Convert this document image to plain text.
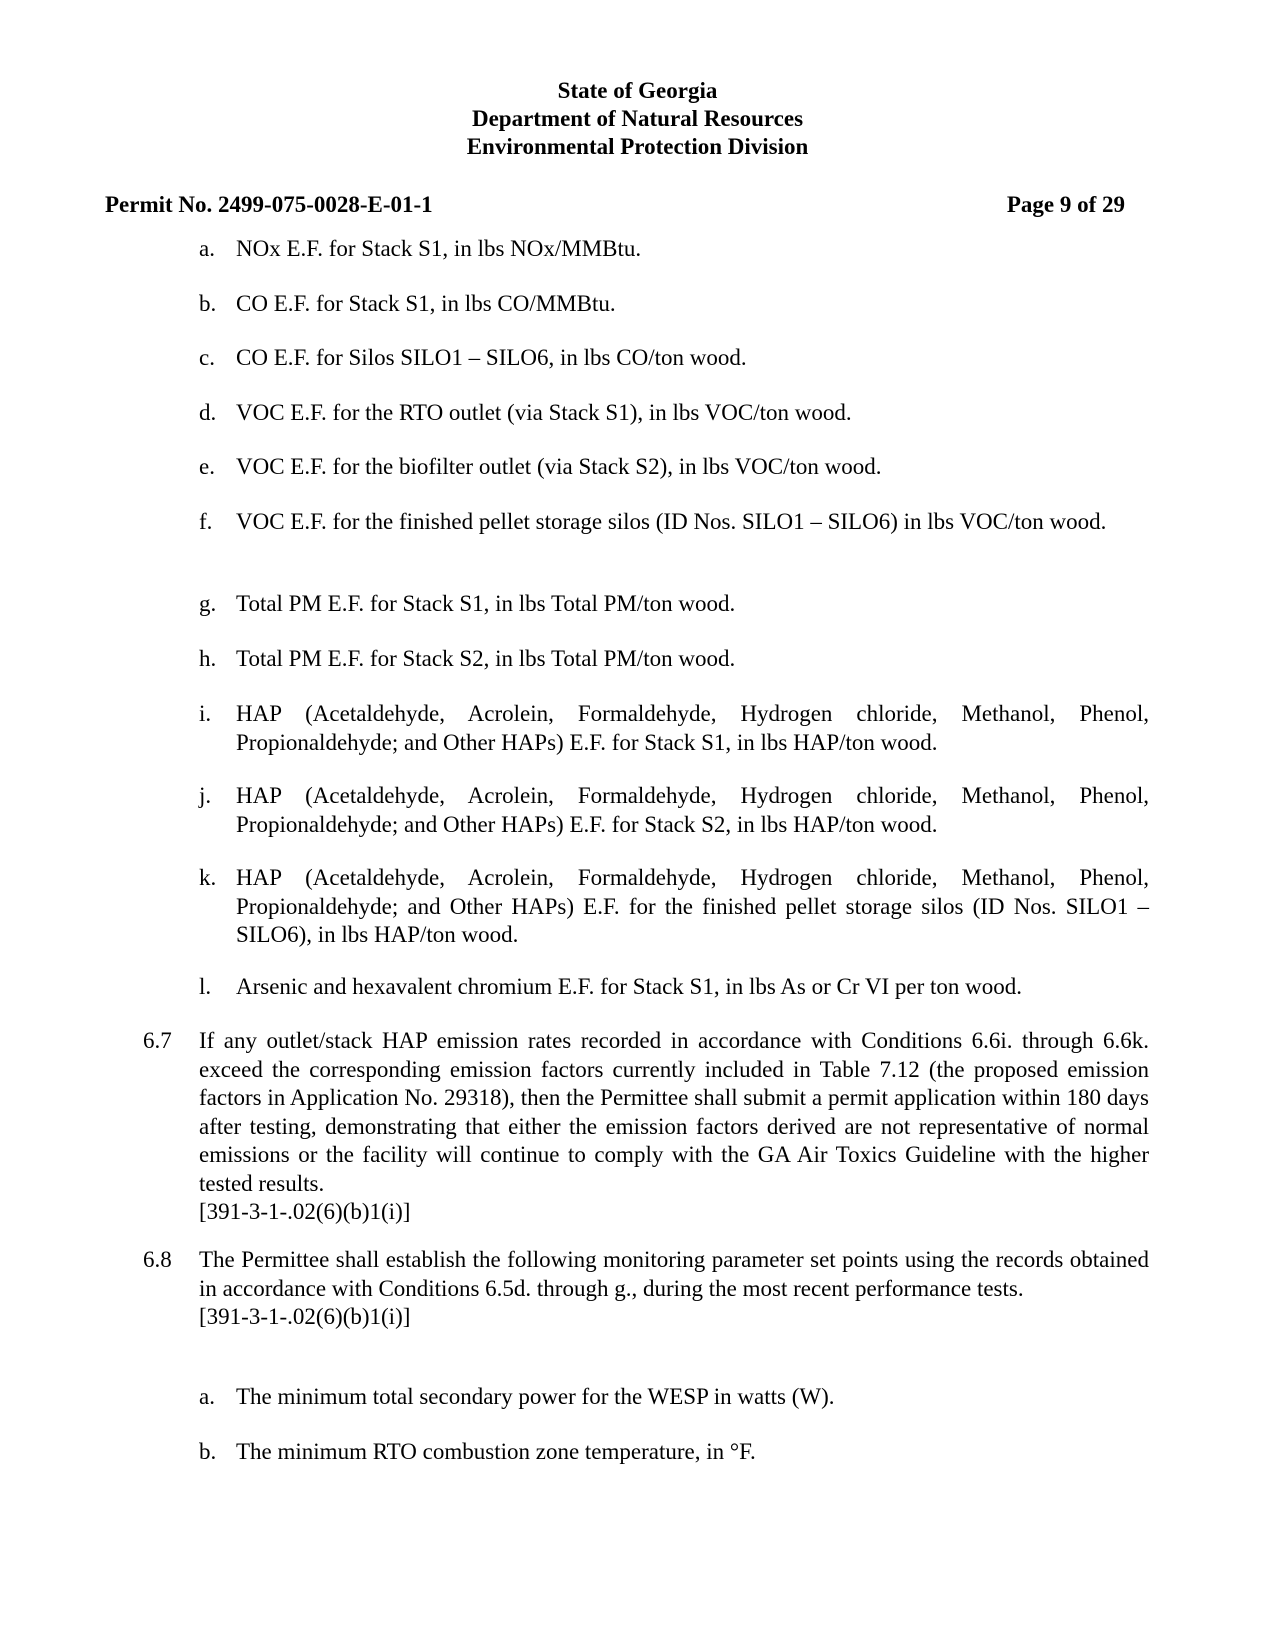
State of Georgia
Department of Natural Resources
Environmental Protection Division
Permit No. 2499-075-0028-E-01-1	Page 9 of 29
a. NOx E.F. for Stack S1, in lbs NOx/MMBtu.
b. CO E.F. for Stack S1, in lbs CO/MMBtu.
c. CO E.F. for Silos SILO1 – SILO6, in lbs CO/ton wood.
d. VOC E.F. for the RTO outlet (via Stack S1), in lbs VOC/ton wood.
e. VOC E.F. for the biofilter outlet (via Stack S2), in lbs VOC/ton wood.
f.	VOC E.F. for the finished pellet storage silos (ID Nos. SILO1 – SILO6) in lbs VOC/ton wood.
g. Total PM E.F. for Stack S1, in lbs Total PM/ton wood.
h. Total PM E.F. for Stack S2, in lbs Total PM/ton wood.
i.	HAP (Acetaldehyde, Acrolein, Formaldehyde, Hydrogen chloride, Methanol, Phenol, Propionaldehyde; and Other HAPs) E.F. for Stack S1, in lbs HAP/ton wood.
j.	HAP (Acetaldehyde, Acrolein, Formaldehyde, Hydrogen chloride, Methanol, Phenol, Propionaldehyde; and Other HAPs) E.F. for Stack S2, in lbs HAP/ton wood.
k. HAP (Acetaldehyde, Acrolein, Formaldehyde, Hydrogen chloride, Methanol, Phenol, Propionaldehyde; and Other HAPs) E.F. for the finished pellet storage silos (ID Nos. SILO1 – SILO6), in lbs HAP/ton wood.
l.	Arsenic and hexavalent chromium E.F. for Stack S1, in lbs As or Cr VI per ton wood.
6.7	If any outlet/stack HAP emission rates recorded in accordance with Conditions 6.6i. through 6.6k. exceed the corresponding emission factors currently included in Table 7.12 (the proposed emission factors in Application No. 29318), then the Permittee shall submit a permit application within 180 days after testing, demonstrating that either the emission factors derived are not representative of normal emissions or the facility will continue to comply with the GA Air Toxics Guideline with the higher tested results.
[391-3-1-.02(6)(b)1(i)]
6.8	The Permittee shall establish the following monitoring parameter set points using the records obtained in accordance with Conditions 6.5d. through g., during the most recent performance tests.
[391-3-1-.02(6)(b)1(i)]
a. The minimum total secondary power for the WESP in watts (W).
b. The minimum RTO combustion zone temperature, in °F.
